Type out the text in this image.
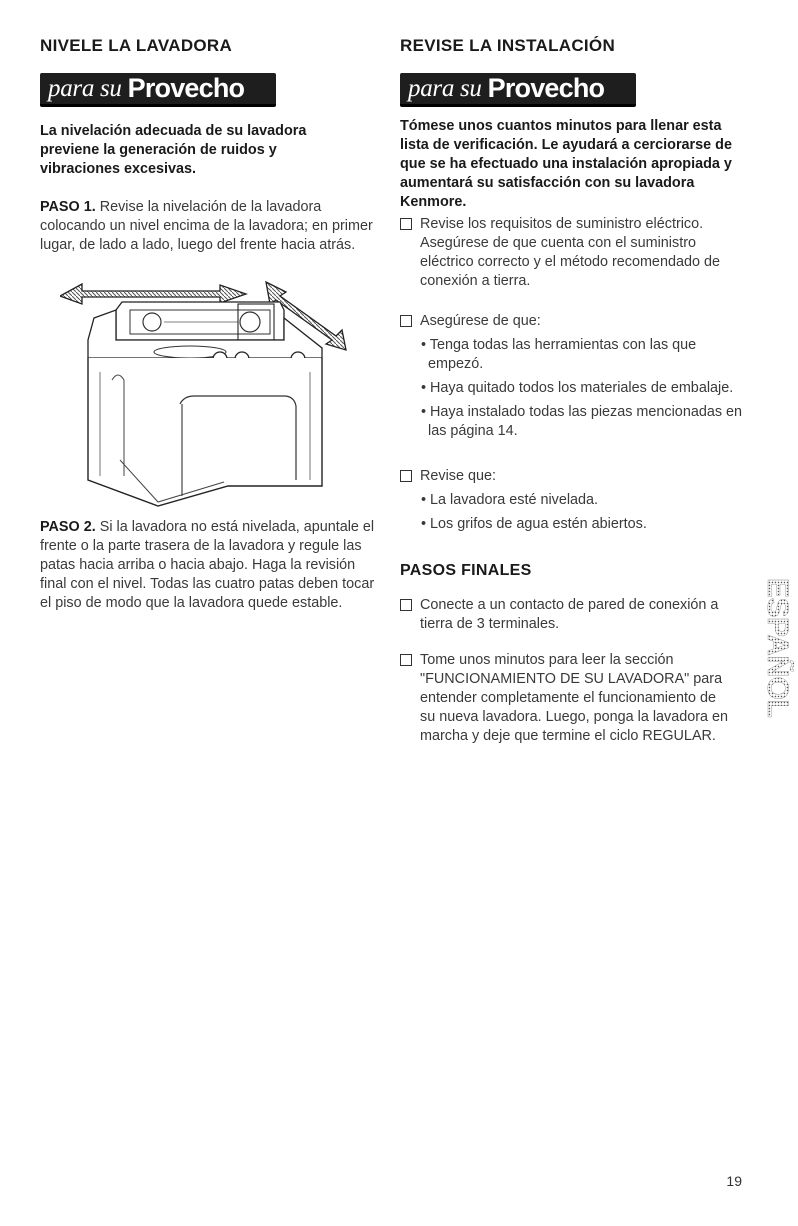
NIVELE LA LAVADORA
para su Provecho

La nivelación adecuada de su lavadora previene la generación de ruidos y vibraciones excesivas.

PASO 1. Revise la nivelación de la lavadora colocando un nivel encima de la lavadora; en primer lugar, de lado a lado, luego del frente hacia atrás.

PASO 2. Si la lavadora no está nivelada, apuntale el frente o la parte trasera de la lavadora y regule las patas hacia arriba o hacia abajo. Haga la revisión final con el nivel. Todas las cuatro patas deben tocar el piso de modo que la lavadora quede estable.

REVISE LA INSTALACIÓN
para su Provecho

Tómese unos cuantos minutos para llenar esta lista de verificación. Le ayudará a cerciorarse de que se ha efectuado una instalación apropiada y aumentará su satisfacción con su lavadora Kenmore.

Revise los requisitos de suministro eléctrico. Asegúrese de que cuenta con el suministro eléctrico correcto y el método recomendado de conexión a tierra.
Asegúrese de que:
• Tenga todas las herramientas con las que empezó.
• Haya quitado todos los materiales de embalaje.
• Haya instalado todas las piezas mencionadas en las página 14.
Revise que:
• La lavadora esté nivelada.
• Los grifos de agua estén abiertos.
PASOS FINALES
Conecte a un contacto de pared de conexión a tierra de 3 terminales.
Tome unos minutos para leer la sección "FUNCIONAMIENTO DE SU LAVADORA" para entender completamente el funcionamiento de su nueva lavadora. Luego, ponga la lavadora en marcha y deje que termine el ciclo REGULAR.
ESPAÑOL
19
